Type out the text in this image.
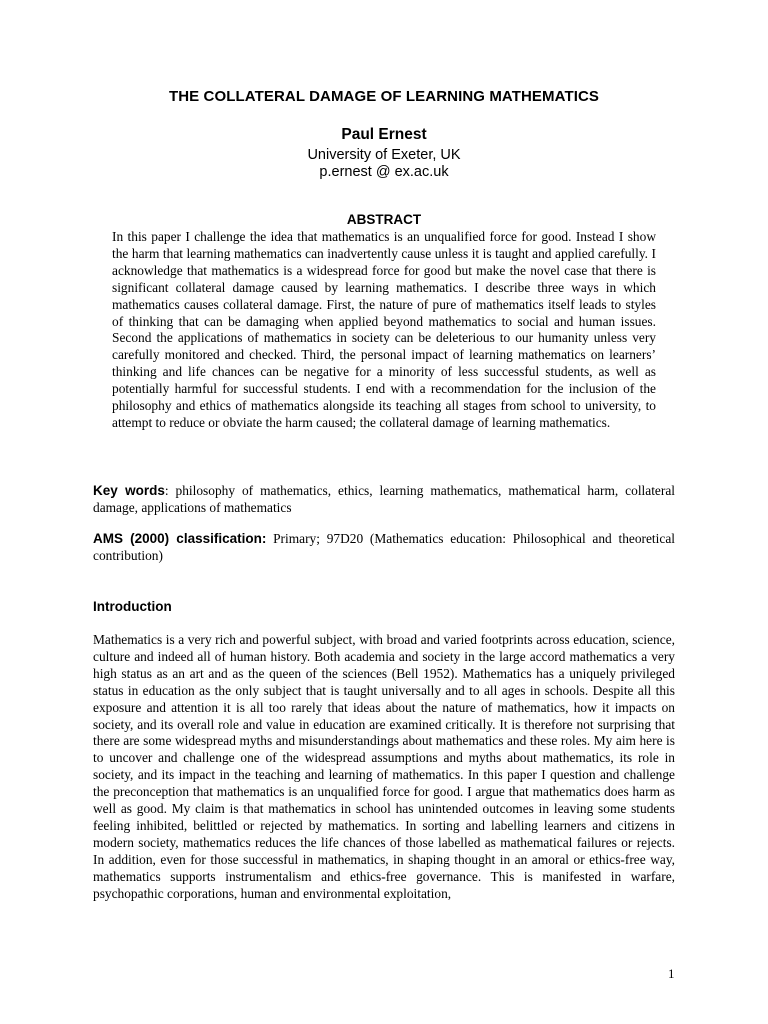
THE COLLATERAL DAMAGE OF LEARNING MATHEMATICS
Paul Ernest
University of Exeter, UK
p.ernest @ ex.ac.uk
ABSTRACT

In this paper I challenge the idea that mathematics is an unqualified force for good. Instead I show the harm that learning mathematics can inadvertently cause unless it is taught and applied carefully. I acknowledge that mathematics is a widespread force for good but make the novel case that there is significant collateral damage caused by learning mathematics. I describe three ways in which mathematics causes collateral damage. First, the nature of pure of mathematics itself leads to styles of thinking that can be damaging when applied beyond mathematics to social and human issues. Second the applications of mathematics in society can be deleterious to our humanity unless very carefully monitored and checked. Third, the personal impact of learning mathematics on learners’ thinking and life chances can be negative for a minority of less successful students, as well as potentially harmful for successful students. I end with a recommendation for the inclusion of the philosophy and ethics of mathematics alongside its teaching all stages from school to university, to attempt to reduce or obviate the harm caused; the collateral damage of learning mathematics.

Key words: philosophy of mathematics, ethics, learning mathematics, mathematical harm, collateral damage, applications of mathematics

AMS (2000) classification: Primary; 97D20 (Mathematics education: Philosophical and theoretical contribution)

Introduction

Mathematics is a very rich and powerful subject, with broad and varied footprints across education, science, culture and indeed all of human history. Both academia and society in the large accord mathematics a very high status as an art and as the queen of the sciences (Bell 1952). Mathematics has a uniquely privileged status in education as the only subject that is taught universally and to all ages in schools. Despite all this exposure and attention it is all too rarely that ideas about the nature of mathematics, how it impacts on society, and its overall role and value in education are examined critically. It is therefore not surprising that there are some widespread myths and misunderstandings about mathematics and these roles. My aim here is to uncover and challenge one of the widespread assumptions and myths about mathematics, its role in society, and its impact in the teaching and learning of mathematics. In this paper I question and challenge the preconception that mathematics is an unqualified force for good. I argue that mathematics does harm as well as good. My claim is that mathematics in school has unintended outcomes in leaving some students feeling inhibited, belittled or rejected by mathematics. In sorting and labelling learners and citizens in modern society, mathematics reduces the life chances of those labelled as mathematical failures or rejects. In addition, even for those successful in mathematics, in shaping thought in an amoral or ethics-free way, mathematics supports instrumentalism and ethics-free governance. This is manifested in warfare, psychopathic corporations, human and environmental exploitation,

1
